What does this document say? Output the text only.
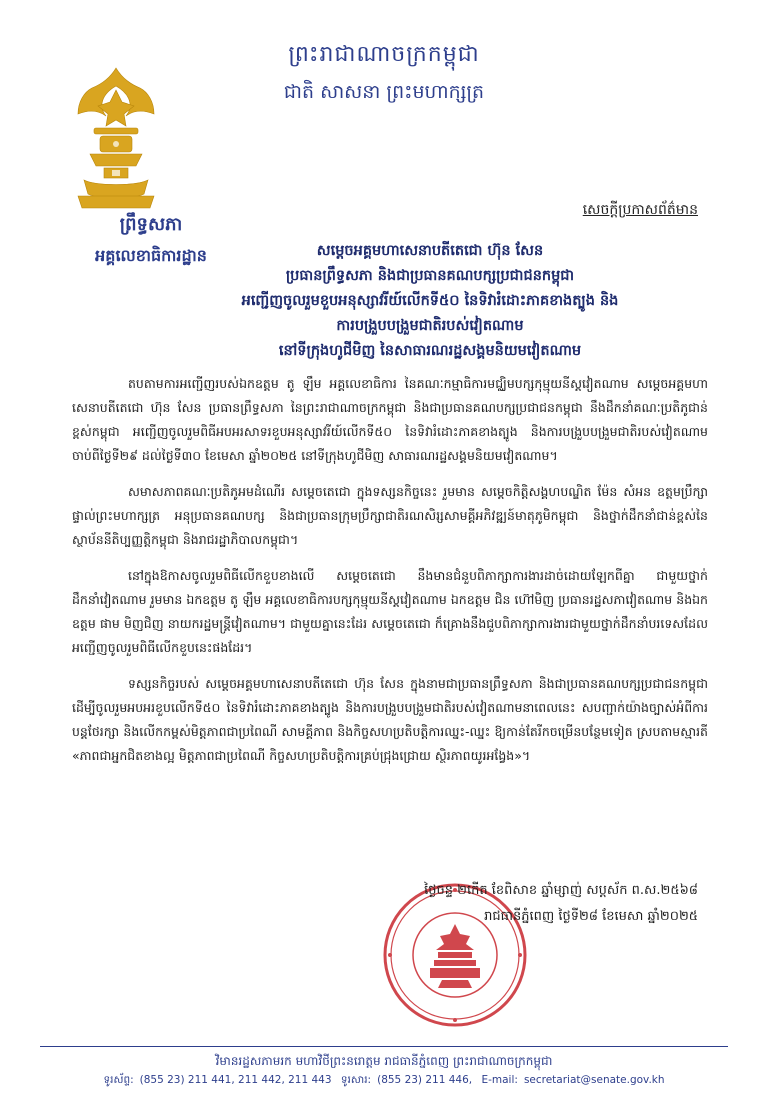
ព្រះរាជាណាចក្រកម្ពុជា
ជាតិ សាសនា ព្រះមហាក្សត្រ
ព្រឹទ្ធសភា
អគ្គលេខាធិការដ្ឋាន
សេចក្ដីប្រកាសព័ត៌មាន
សម្ដេចអគ្គមហាសេនាបតីតេជោ ហ៊ុន សែន
ប្រធានព្រឹទ្ធសភា និងជាប្រធានគណបក្សប្រជាជនកម្ពុជា
អញ្ជើញចូលរួមខួបអនុស្សាវរីយ៍លើកទី៥០ នៃទិវារំដោះភាគខាងត្បូង និង
ការបង្រួបបង្រួមជាតិរបស់វៀតណាម
នៅទីក្រុងហូជីមិញ នៃសាធារណរដ្ឋសង្គមនិយមវៀតណាម

តបតាមការអញ្ជើញរបស់ឯកឧត្តម តូ ឡឹម អគ្គលេខាធិការ នៃគណៈកម្មាធិការមជ្ឈិមបក្សកុម្មុយនីស្តវៀតណាម សម្ដេចអគ្គមហាសេនាបតីតេជោ ហ៊ុន សែន ប្រធានព្រឹទ្ធសភា នៃព្រះរាជាណាចក្រកម្ពុជា និងជាប្រធានគណបក្សប្រជាជនកម្ពុជា នឹងដឹកនាំគណៈប្រតិភូជាន់ខ្ពស់កម្ពុជា អញ្ជើញចូលរួមពិធីអបអរសាទរខួបអនុស្សាវរីយ៍លើកទី៥០ នៃទិវារំដោះភាគខាងត្បូង និងការបង្រួបបង្រួមជាតិរបស់វៀតណាម ចាប់ពីថ្ងៃទី២៩ ដល់ថ្ងៃទី៣០ ខែមេសា ឆ្នាំ២០២៥ នៅទីក្រុងហូជីមិញ សាធារណរដ្ឋសង្គមនិយមវៀតណាម។

សមាសភាពគណៈប្រតិភូអមដំណើរ សម្ដេចតេជោ ក្នុងទស្សនកិច្ចនេះ រួមមាន សម្ដេចកិត្តិសង្គហបណ្ឌិត ម៉ែន សំអន ឧត្តមប្រឹក្សាផ្ទាល់ព្រះមហាក្សត្រ អនុប្រធានគណបក្ស និងជាប្រធានក្រុមប្រឹក្សាជាតិរណសិរ្សសាមគ្គីអភិវឌ្ឍន៍មាតុភូមិកម្ពុជា និងថ្នាក់ដឹកនាំជាន់ខ្ពស់នៃស្ថាប័ននីតិប្បញ្ញត្តិកម្ពុជា និងរាជរដ្ឋាភិបាលកម្ពុជា។

នៅក្នុងឱកាសចូលរួមពិធីលើកខួបខាងលើ សម្ដេចតេជោ នឹងមានជំនួបពិភាក្សាការងារដាច់ដោយឡែកពីគ្នា ជាមួយថ្នាក់ដឹកនាំវៀតណាម រួមមាន ឯកឧត្តម តូ ឡឹម អគ្គលេខាធិការបក្សកុម្មុយនីស្តវៀតណាម ឯកឧត្តម ជិន ហ៊ៅមិញ ប្រធានរដ្ឋសភាវៀតណាម និងឯកឧត្តម ផាម មិញជិញ នាយករដ្ឋមន្ត្រីវៀតណាម។ ជាមួយគ្នានេះដែរ សម្ដេចតេជោ ក៏គ្រោងនឹងជួបពិភាក្សាការងារជាមួយថ្នាក់ដឹកនាំបរទេសដែលអញ្ជើញចូលរួមពិធីលើកខួបនេះផងដែរ។

ទស្សនកិច្ចរបស់ សម្ដេចអគ្គមហាសេនាបតីតេជោ ហ៊ុន សែន ក្នុងនាមជាប្រធានព្រឹទ្ធសភា និងជាប្រធានគណបក្សប្រជាជនកម្ពុជា ដើម្បីចូលរួមអបអរខួបលើកទី៥០ នៃទិវារំដោះភាគខាងត្បូង និងការបង្រួបបង្រួមជាតិរបស់វៀតណាមនាពេលនេះ សបញ្ជាក់យ៉ាងច្បាស់អំពីការបន្តថែរក្សា និងលើកកម្ពស់មិត្តភាពជាប្រពៃណី សាមគ្គីភាព និងកិច្ចសហប្រតិបត្តិការឈ្នះ-ឈ្នះ ឱ្យកាន់តែរីកចម្រើនបន្ថែមទៀត ស្របតាមស្មារតី «ភាពជាអ្នកជិតខាងល្អ មិត្តភាពជាប្រពៃណី កិច្ចសហប្រតិបត្តិការគ្រប់ជ្រុងជ្រោយ ស្ថិរភាពយូរអង្វែង»។

ថ្ងៃចន្ទ ២កើត ខែពិសាខ ឆ្នាំម្សាញ់ សប្តស័ក ព.ស.២៥៦៨
រាជធានីភ្នំពេញ ថ្ងៃទី២៨ ខែមេសា ឆ្នាំ២០២៥
វិមានរដ្ឋសភាមរក មហាវិថីព្រះនរោត្តម រាជធានីភ្នំពេញ ព្រះរាជាណាចក្រកម្ពុជា
ទូរស័ព្ទ: (855 23) 211 441, 211 442, 211 443 ទូរសារ: (855 23) 211 446, E-mail: secretariat@senate.gov.kh
